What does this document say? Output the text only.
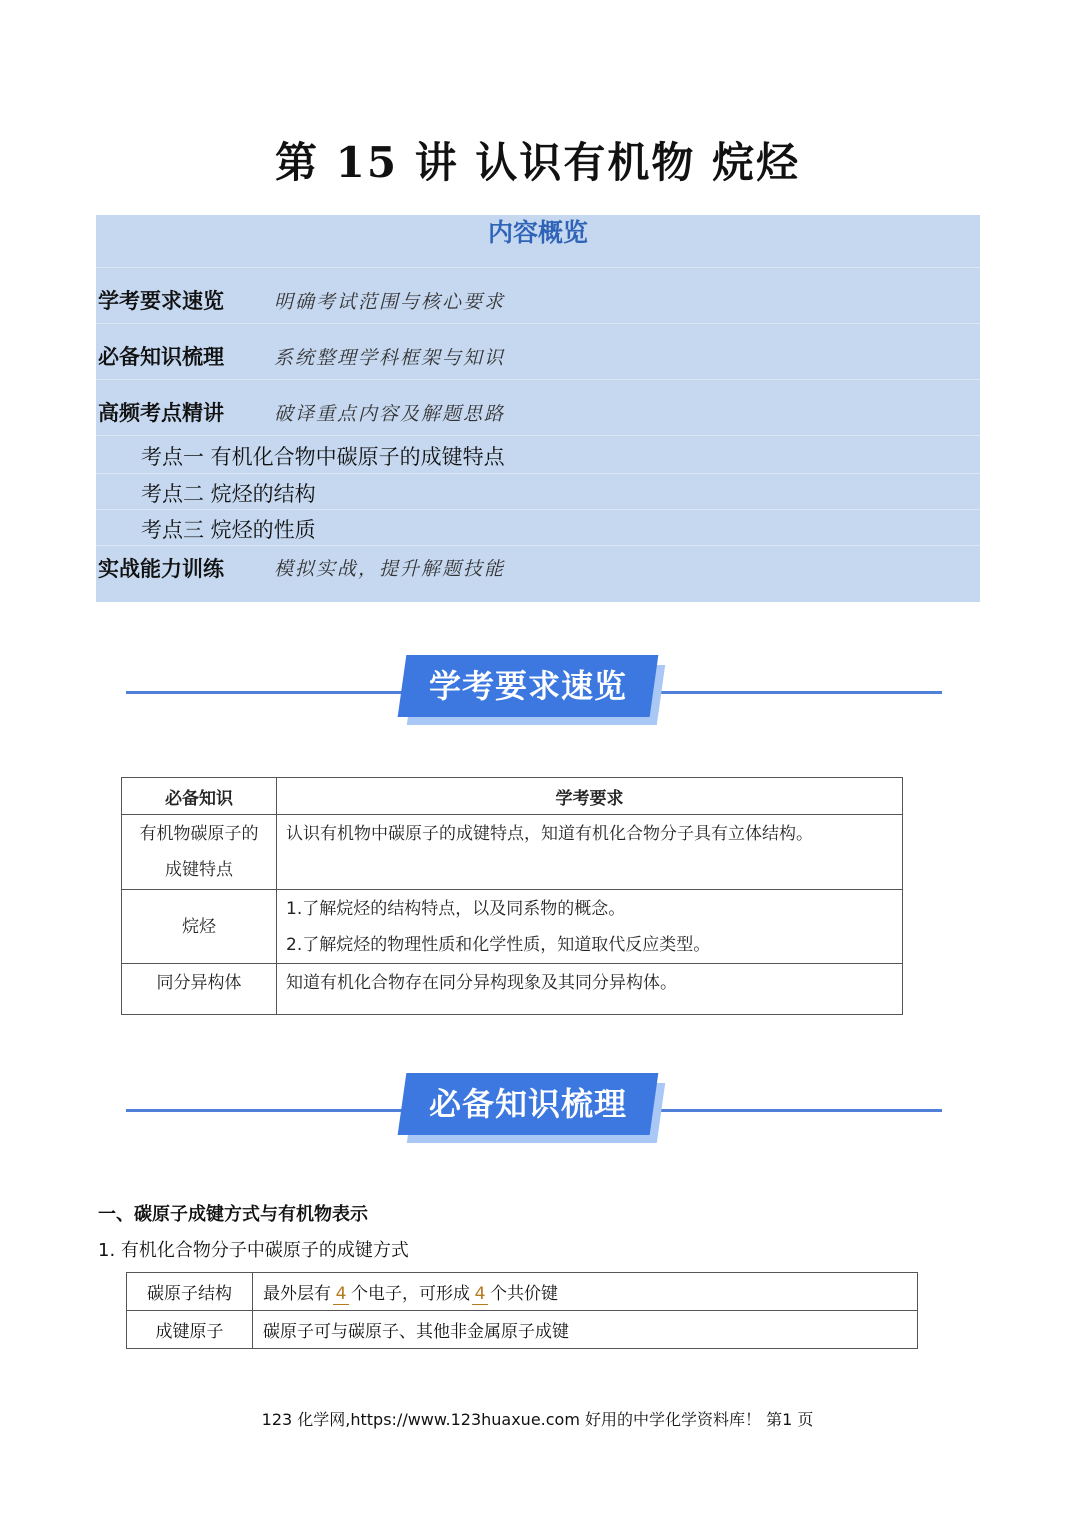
第 15 讲 认识有机物 烷烃
内容概览
学考要求速览	明确考试范围与核心要求
必备知识梳理	系统整理学科框架与知识
高频考点精讲	破译重点内容及解题思路
考点一 有机化合物中碳原子的成键特点
考点二 烷烃的结构
考点三 烷烃的性质
实战能力训练	模拟实战，提升解题技能
学考要求速览
必备知识	学考要求

有机物碳原子的
成键特点	认识有机物中碳原子的成键特点，知道有机化合物分子具有立体结构。

烷烃	1.了解烷烃的结构特点，以及同系物的概念。
2.了解烷烃的物理性质和化学性质，知道取代反应类型。

同分异构体	知道有机化合物存在同分异构现象及其同分异构体。
必备知识梳理
一、碳原子成键方式与有机物表示
1. 有机化合物分子中碳原子的成键方式
碳原子结构	最外层有 4 个电子，可形成 4 个共价键
成键原子	碳原子可与碳原子、其他非金属原子成键
123 化学网,https://www.123huaxue.com 好用的中学化学资料库！ 第1 页
